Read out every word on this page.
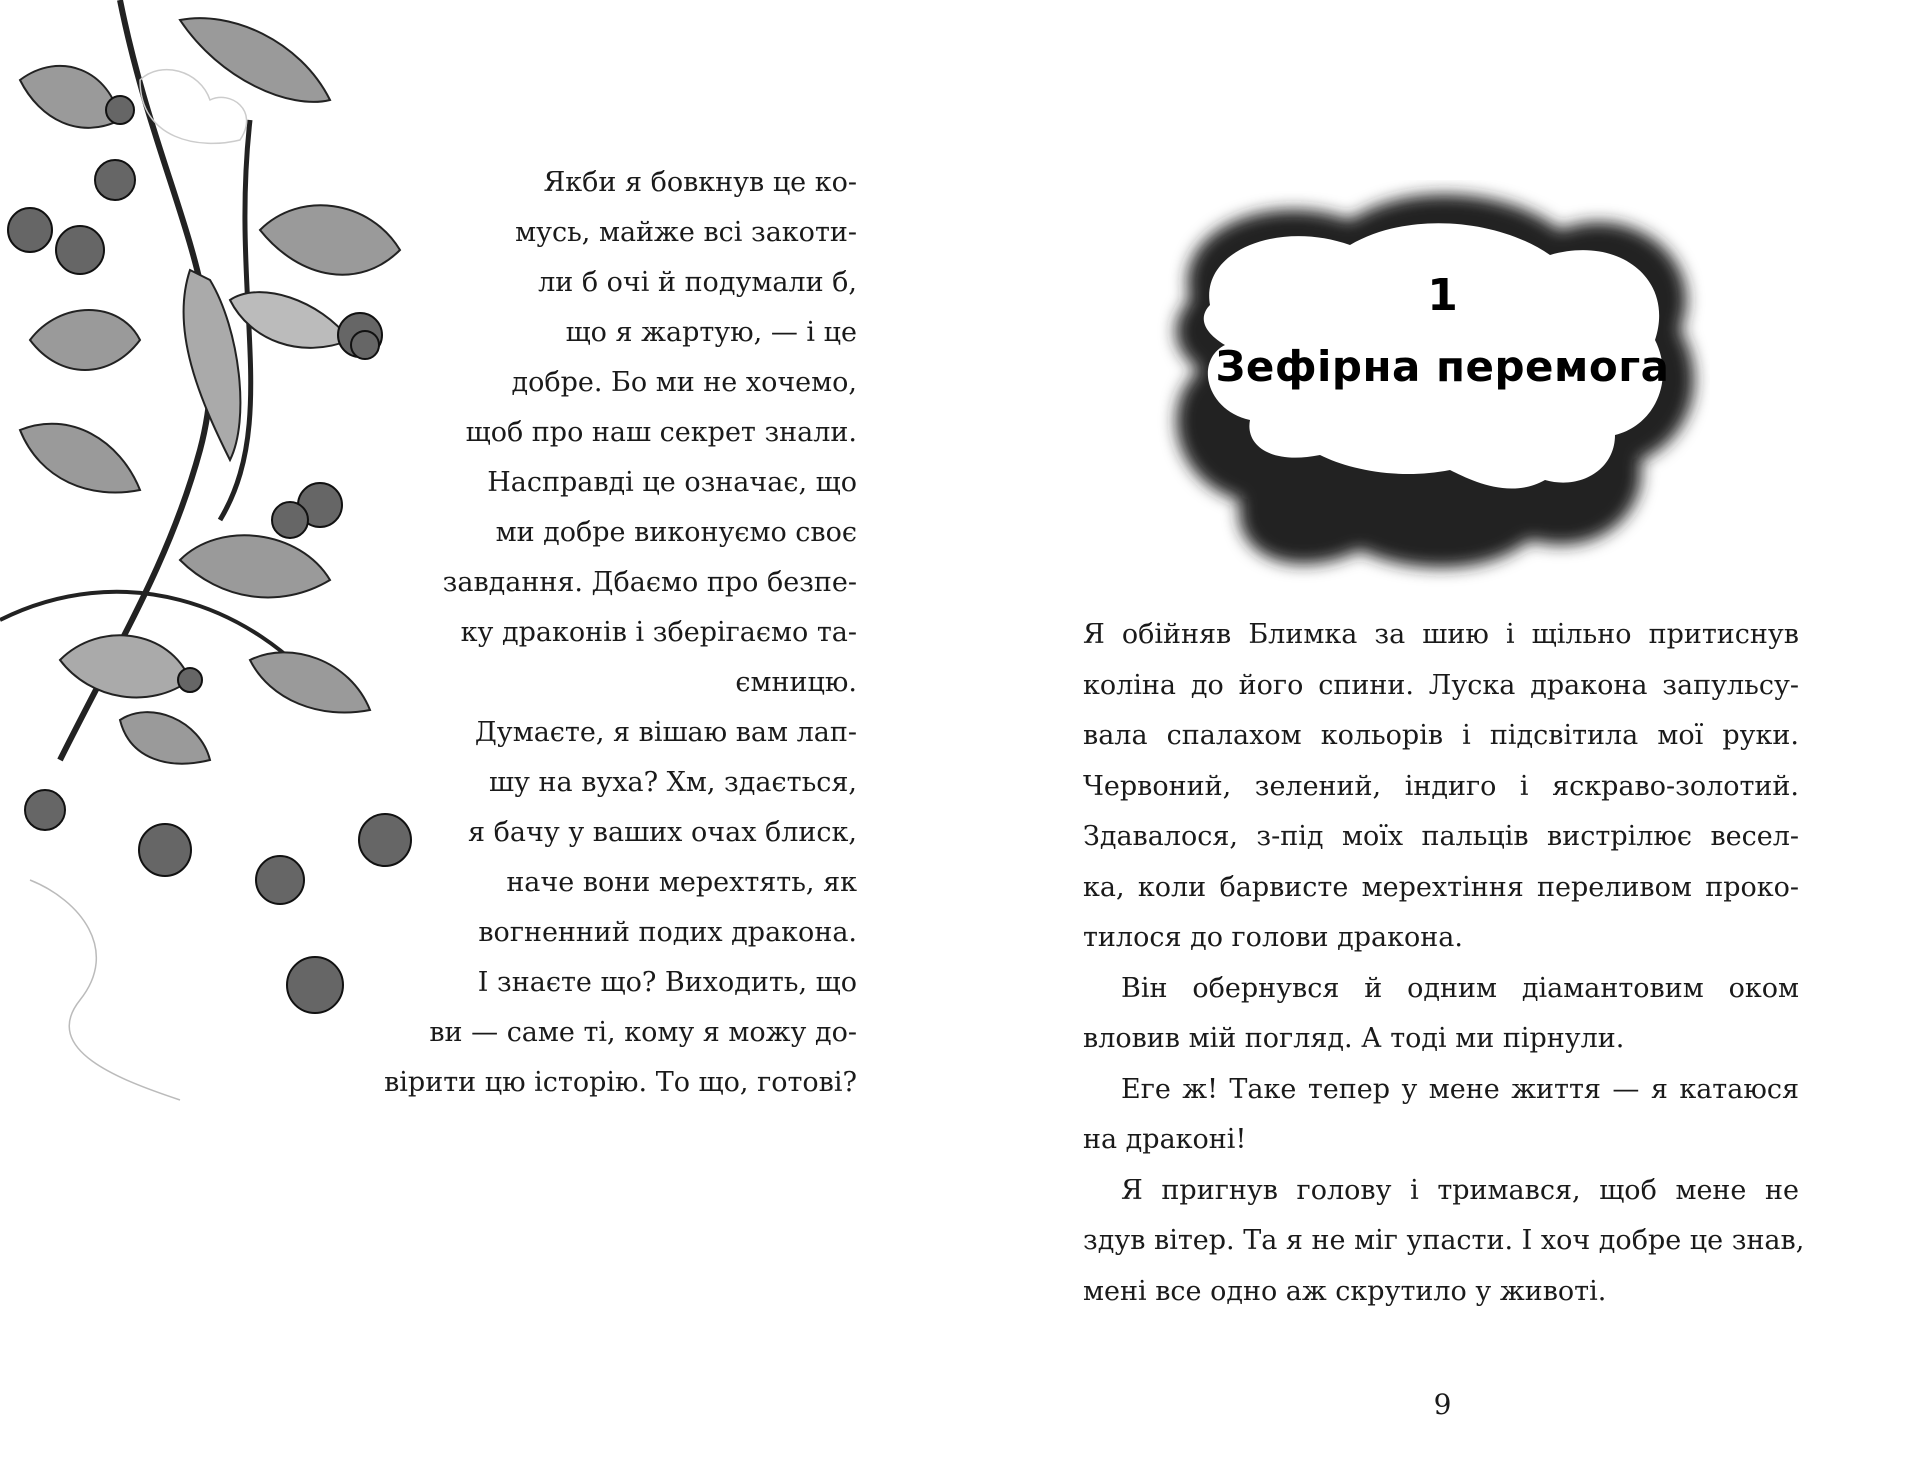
Якби я бовкнув це ко-
мусь, майже всі закоти-
ли б очі й подумали б,
що я жартую, — і це
добре. Бо ми не хочемо,
щоб про наш секрет знали.
Насправді це означає, що
ми добре виконуємо своє
завдання. Дбаємо про безпе-
ку драконів і зберігаємо та-
ємницю.
Думаєте, я вішаю вам лап-
шу на вуха? Хм, здається,
я бачу у ваших очах блиск,
наче вони мерехтять, як
вогненний подих дракона.
І знаєте що? Виходить, що
ви — саме ті, кому я можу до-
вірити цю історію. То що, готові?
1
Зефірна перемога
Я обійняв Блимка за шию і щільно притиснув
коліна до його спини. Луска дракона запульсу-
вала спалахом кольорів і підсвітила мої руки.
Червоний, зелений, індиго і яскраво-золотий.
Здавалося, з-під моїх пальців вистрілює весел-
ка, коли барвисте мерехтіння переливом проко-
тилося до голови дракона.
Він обернувся й одним діамантовим оком
вловив мій погляд. А тоді ми пірнули.
Еге ж! Таке тепер у мене життя — я катаюся
на драконі!
Я пригнув голову і тримався, щоб мене не
здув вітер. Та я не міг упасти. І хоч добре це знав,
мені все одно аж скрутило у животі.
9
